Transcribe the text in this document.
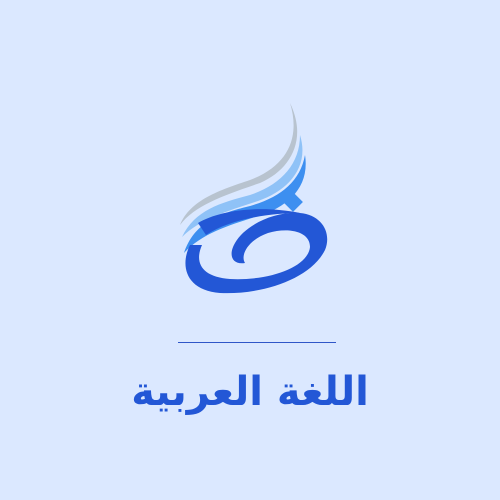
اللغة العربية
